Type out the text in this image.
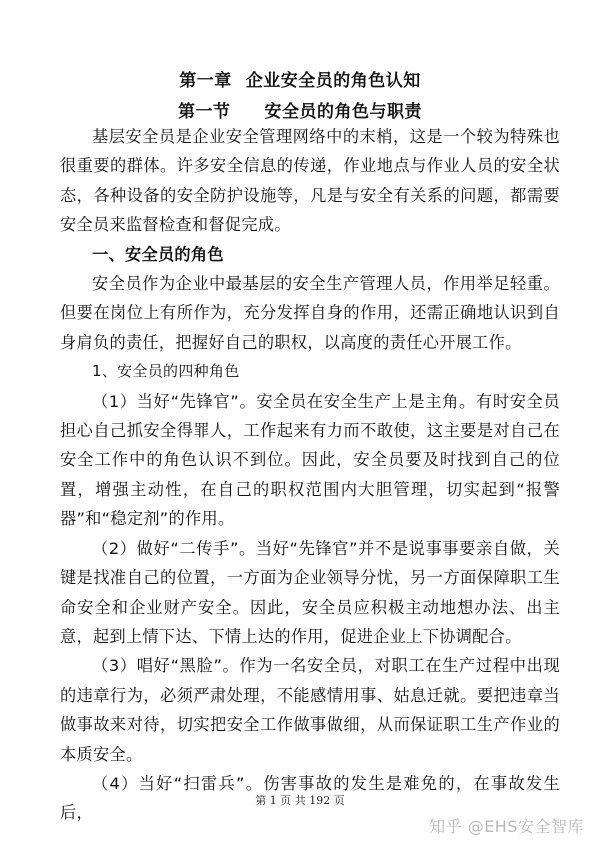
第一章 企业安全员的角色认知
第一节 安全员的角色与职责

基层安全员是企业安全管理网络中的末梢，这是一个较为特殊也很重要的群体。许多安全信息的传递，作业地点与作业人员的安全状态，各种设备的安全防护设施等，凡是与安全有关系的问题，都需要安全员来监督检查和督促完成。

一、安全员的角色

安全员作为企业中最基层的安全生产管理人员，作用举足轻重。但要在岗位上有所作为，充分发挥自身的作用，还需正确地认识到自身肩负的责任，把握好自己的职权，以高度的责任心开展工作。

1、安全员的四种角色

（1）当好“先锋官”。安全员在安全生产上是主角。有时安全员担心自己抓安全得罪人，工作起来有力而不敢使，这主要是对自己在安全工作中的角色认识不到位。因此，安全员要及时找到自己的位置，增强主动性，在自己的职权范围内大胆管理，切实起到“报警器”和“稳定剂”的作用。

（2）做好“二传手”。当好“先锋官”并不是说事事要亲自做，关键是找准自己的位置，一方面为企业领导分忧，另一方面保障职工生命安全和企业财产安全。因此，安全员应积极主动地想办法、出主意，起到上情下达、下情上达的作用，促进企业上下协调配合。

（3）唱好“黑脸”。作为一名安全员，对职工在生产过程中出现的违章行为，必须严肃处理，不能感情用事、姑息迁就。要把违章当做事故来对待，切实把安全工作做事做细，从而保证职工生产作业的本质安全。

（4）当好“扫雷兵”。伤害事故的发生是难免的，在事故发生后，

第 1 页 共 192 页
知乎 @EHS安全智库
